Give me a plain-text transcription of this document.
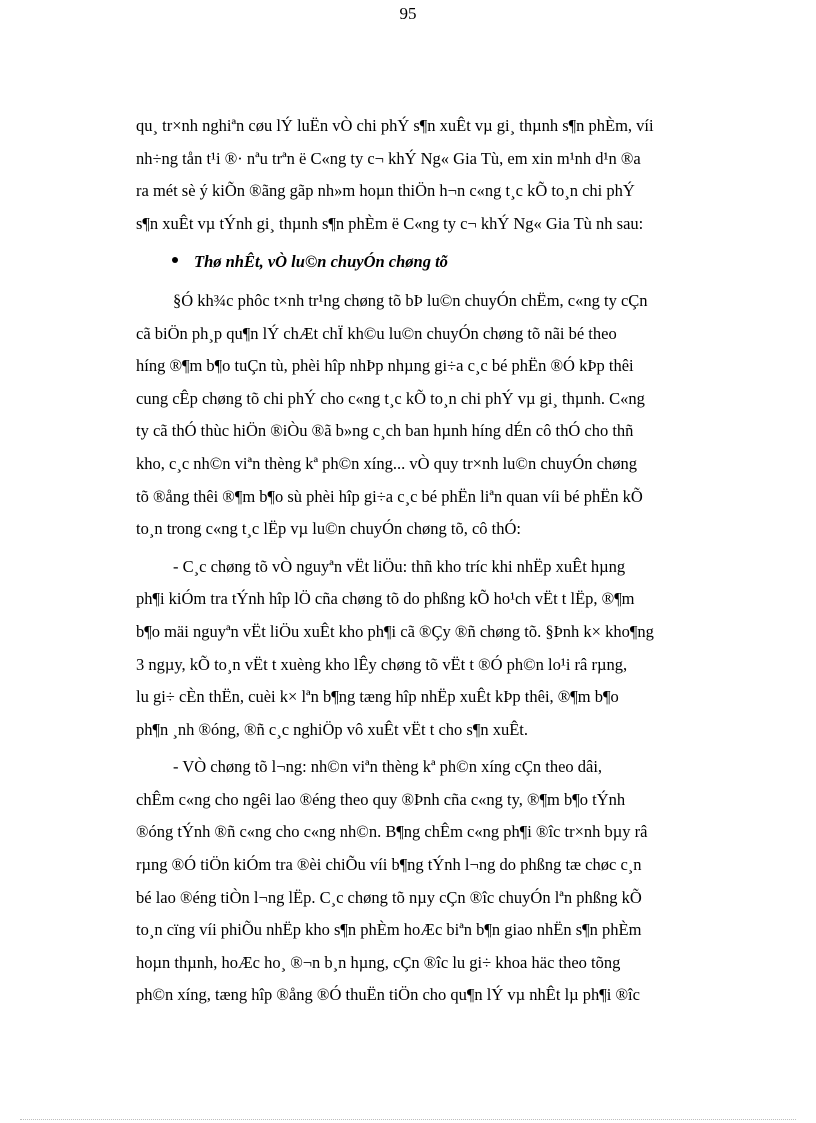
95

qu¸ tr×nh nghiªn cøu lÝ luËn vÒ chi phÝ s¶n xuÊt vµ gi¸ thµnh s¶n phÈm, víi

nh÷ng tån t¹i ®· nªu trªn ë C«ng ty c¬ khÝ Ng« Gia Tù, em xin m¹nh d¹n ®a

ra mét sè ý kiÕn ®ãng gãp nh»m hoµn thiÖn h¬n c«ng t¸c kÕ to¸n chi phÝ

s¶n xuÊt vµ tÝnh gi¸ thµnh s¶n phÈm ë C«ng ty c¬ khÝ Ng« Gia Tù nh sau:

Thø nhÊt, vÒ lu©n chuyÓn chøng tõ

§Ó kh¾c phôc t×nh tr¹ng chøng tõ bÞ lu©n chuyÓn chËm, c«ng ty cÇn

cã biÖn ph¸p qu¶n lÝ chÆt chÏ kh©u lu©n chuyÓn chøng tõ nãi bé theo

híng ®¶m b¶o tuÇn tù, phèi hîp nhÞp nhµng gi÷a c¸c bé phËn ®Ó kÞp thêi

cung cÊp chøng tõ chi phÝ cho c«ng t¸c kÕ to¸n chi phÝ vµ gi¸ thµnh. C«ng

ty cã thÓ thùc hiÖn ®iÒu ®ã b»ng c¸ch ban hµnh híng dÉn cô thÓ cho thñ

kho, c¸c nh©n viªn thèng kª ph©n xíng... vÒ quy tr×nh lu©n chuyÓn chøng

tõ ®ång thêi ®¶m b¶o sù phèi hîp gi÷a c¸c bé phËn liªn quan víi bé phËn kÕ

to¸n trong c«ng t¸c lËp vµ lu©n chuyÓn chøng tõ, cô thÓ:

- C¸c chøng tõ vÒ nguyªn vËt liÖu: thñ kho tríc khi nhËp xuÊt hµng

ph¶i kiÓm tra tÝnh hîp lÖ cña chøng tõ do phßng kÕ ho¹ch vËt t lËp, ®¶m

b¶o mäi nguyªn vËt liÖu xuÊt kho ph¶i cã ®Çy ®ñ chøng tõ. §Þnh k× kho¶ng

3 ngµy, kÕ to¸n vËt t xuèng kho lÊy chøng tõ vËt t ®Ó ph©n lo¹i râ rµng,

lu gi÷ cÈn thËn, cuèi k× lªn b¶ng tæng hîp nhËp xuÊt kÞp thêi, ®¶m b¶o

ph¶n ¸nh ®óng, ®ñ c¸c nghiÖp vô xuÊt vËt t cho s¶n xuÊt.

- VÒ chøng tõ l¬ng: nh©n viªn thèng kª ph©n xíng cÇn theo dâi,

chÊm c«ng cho ngêi lao ®éng theo quy ®Þnh cña c«ng ty, ®¶m b¶o tÝnh

®óng tÝnh ®ñ c«ng cho c«ng nh©n. B¶ng chÊm c«ng ph¶i ®îc tr×nh bµy râ

rµng ®Ó tiÖn kiÓm tra ®èi chiÕu víi b¶ng tÝnh l¬ng do phßng tæ chøc c¸n

bé lao ®éng tiÒn l¬ng lËp. C¸c chøng tõ nµy cÇn ®îc chuyÓn lªn phßng kÕ

to¸n cïng víi phiÕu nhËp kho s¶n phÈm hoÆc biªn b¶n giao nhËn s¶n phÈm

hoµn thµnh, hoÆc ho¸ ®¬n b¸n hµng, cÇn ®îc lu gi÷ khoa häc theo tõng

ph©n xíng, tæng hîp ®ång ®Ó thuËn tiÖn cho qu¶n lÝ vµ nhÊt lµ ph¶i ®îc
